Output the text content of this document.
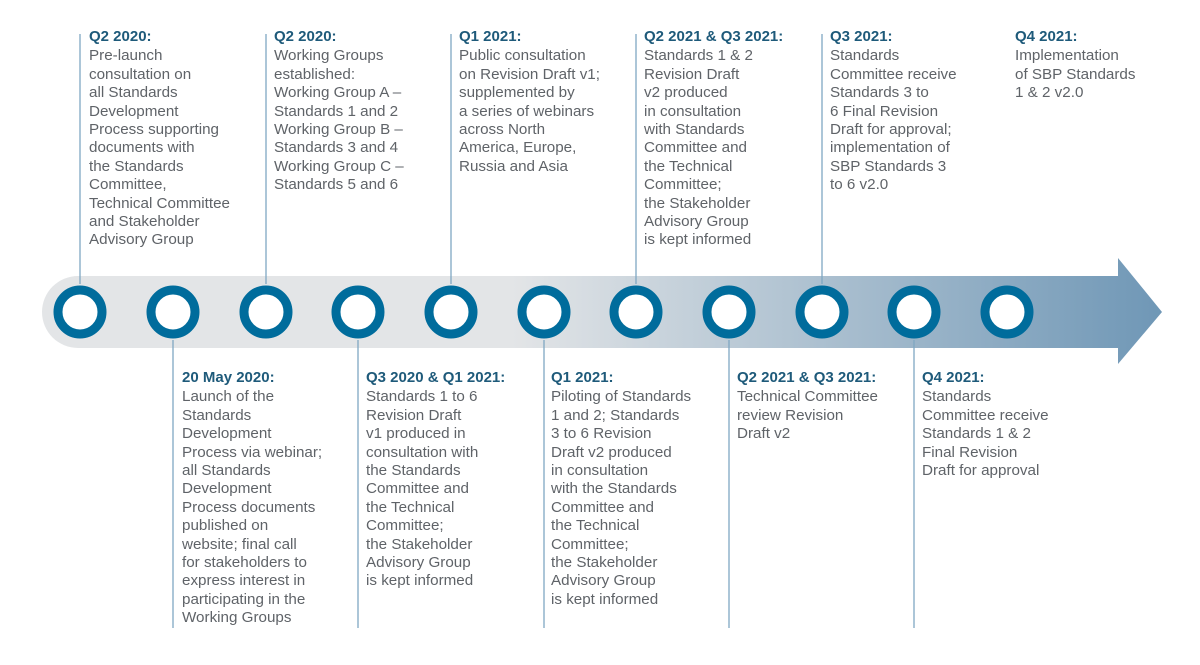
Q2 2020:
Pre-launch
consultation on
all Standards
Development
Process supporting
documents with
the Standards
Committee,
Technical Committee
and Stakeholder
Advisory Group
20 May 2020:
Launch of the
Standards
Development
Process via webinar;
all Standards
Development
Process documents
published on
website; final call
for stakeholders to
express interest in
participating in the
Working Groups
Q2 2020:
Working Groups
established:
Working Group A –
Standards 1 and 2
Working Group B –
Standards 3 and 4
Working Group C –
Standards 5 and 6
Q3 2020 & Q1 2021:
Standards 1 to 6
Revision Draft
v1 produced in
consultation with
the Standards
Committee and
the Technical
Committee;
the Stakeholder
Advisory Group
is kept informed
Q1 2021:
Public consultation
on Revision Draft v1;
supplemented by
a series of webinars
across North
America, Europe,
Russia and Asia
Q1 2021:
Piloting of Standards
1 and 2; Standards
3 to 6 Revision
Draft v2 produced
in consultation
with the Standards
Committee and
the Technical
Committee;
the Stakeholder
Advisory Group
is kept informed
Q2 2021 & Q3 2021:
Standards 1 & 2
Revision Draft
v2 produced
in consultation
with Standards
Committee and
the Technical
Committee;
the Stakeholder
Advisory Group
is kept informed
Q2 2021 & Q3 2021:
Technical Committee
review Revision
Draft v2
Q3 2021:
Standards
Committee receive
Standards 3 to
6 Final Revision
Draft for approval;
implementation of
SBP Standards 3
to 6 v2.0
Q4 2021:
Standards
Committee receive
Standards 1 & 2
Final Revision
Draft for approval
Q4 2021:
Implementation
of SBP Standards
1 & 2 v2.0
